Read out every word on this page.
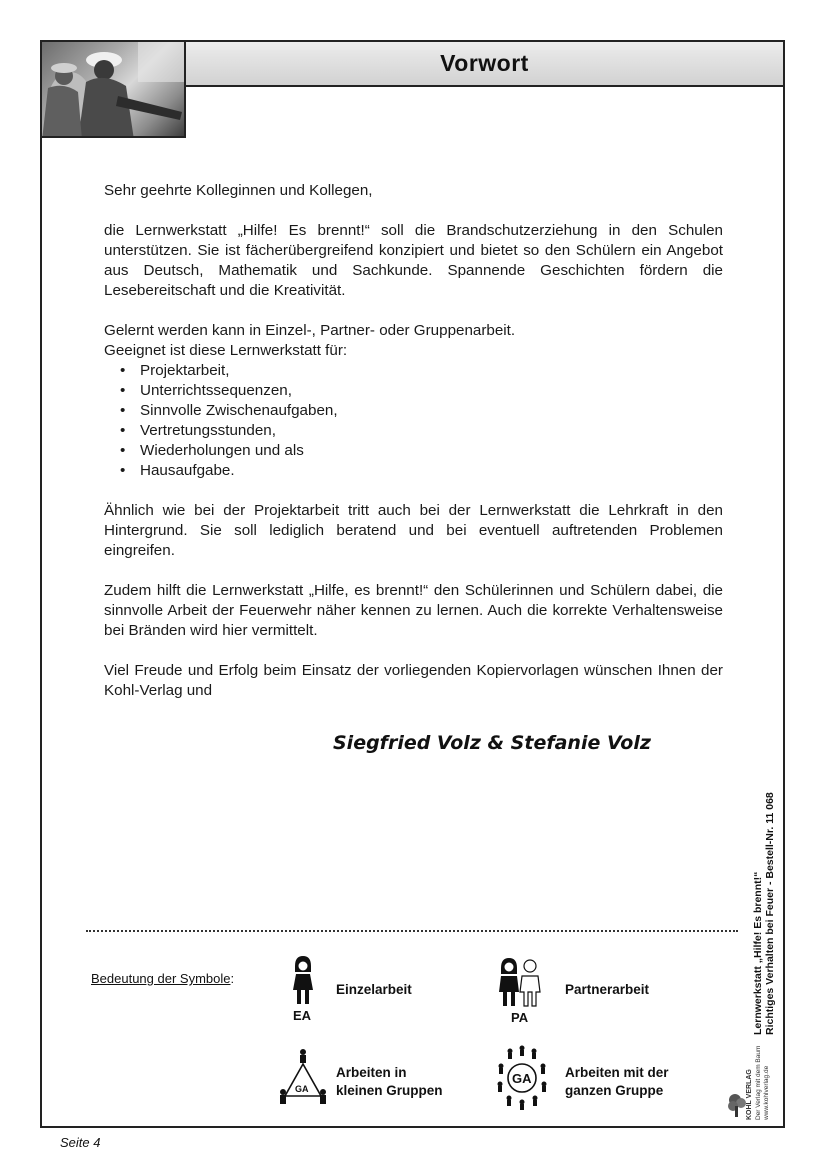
Vorwort

Sehr geehrte Kolleginnen und Kollegen,

die Lernwerkstatt „Hilfe! Es brennt!“ soll die Brandschutzerziehung in den Schulen unterstützen. Sie ist fächerübergreifend konzipiert und bietet so den Schülern ein Angebot aus Deutsch, Mathematik und Sachkunde. Spannende Geschichten fördern die Lesebereitschaft und die Kreativität.

Gelernt werden kann in Einzel-, Partner- oder Gruppenarbeit.
Geeignet ist diese Lernwerkstatt für:

• Projektarbeit,
• Unterrichtssequenzen,
• Sinnvolle Zwischenaufgaben,
• Vertretungsstunden,
• Wiederholungen und als
• Hausaufgabe.

Ähnlich wie bei der Projektarbeit tritt auch bei der Lernwerkstatt die Lehrkraft in den Hintergrund. Sie soll lediglich beratend und bei eventuell auftretenden Problemen eingreifen.

Zudem hilft die Lernwerkstatt „Hilfe, es brennt!“ den Schülerinnen und Schülern dabei, die sinnvolle Arbeit der Feuerwehr näher kennen zu lernen. Auch die korrekte Verhaltensweise bei Bränden wird hier vermittelt.

Viel Freude und Erfolg beim Einsatz der vorliegenden Kopiervorlagen wünschen Ihnen der Kohl-Verlag und

Siegfried Volz & Stefanie Volz
Bedeutung der Symbole:
EA
Einzelarbeit
PA
Partnerarbeit
GA
Arbeiten in
kleinen Gruppen
GA Arbeiten mit der
ganzen Gruppe
Lernwerkstatt „Hilfe! Es brennt!“ Richtiges Verhalten bei Feuer - Bestell-Nr. 11 068
KOHL VERLAG Der Verlag mit dem Baum www.kohlverlag.de
Seite 4
